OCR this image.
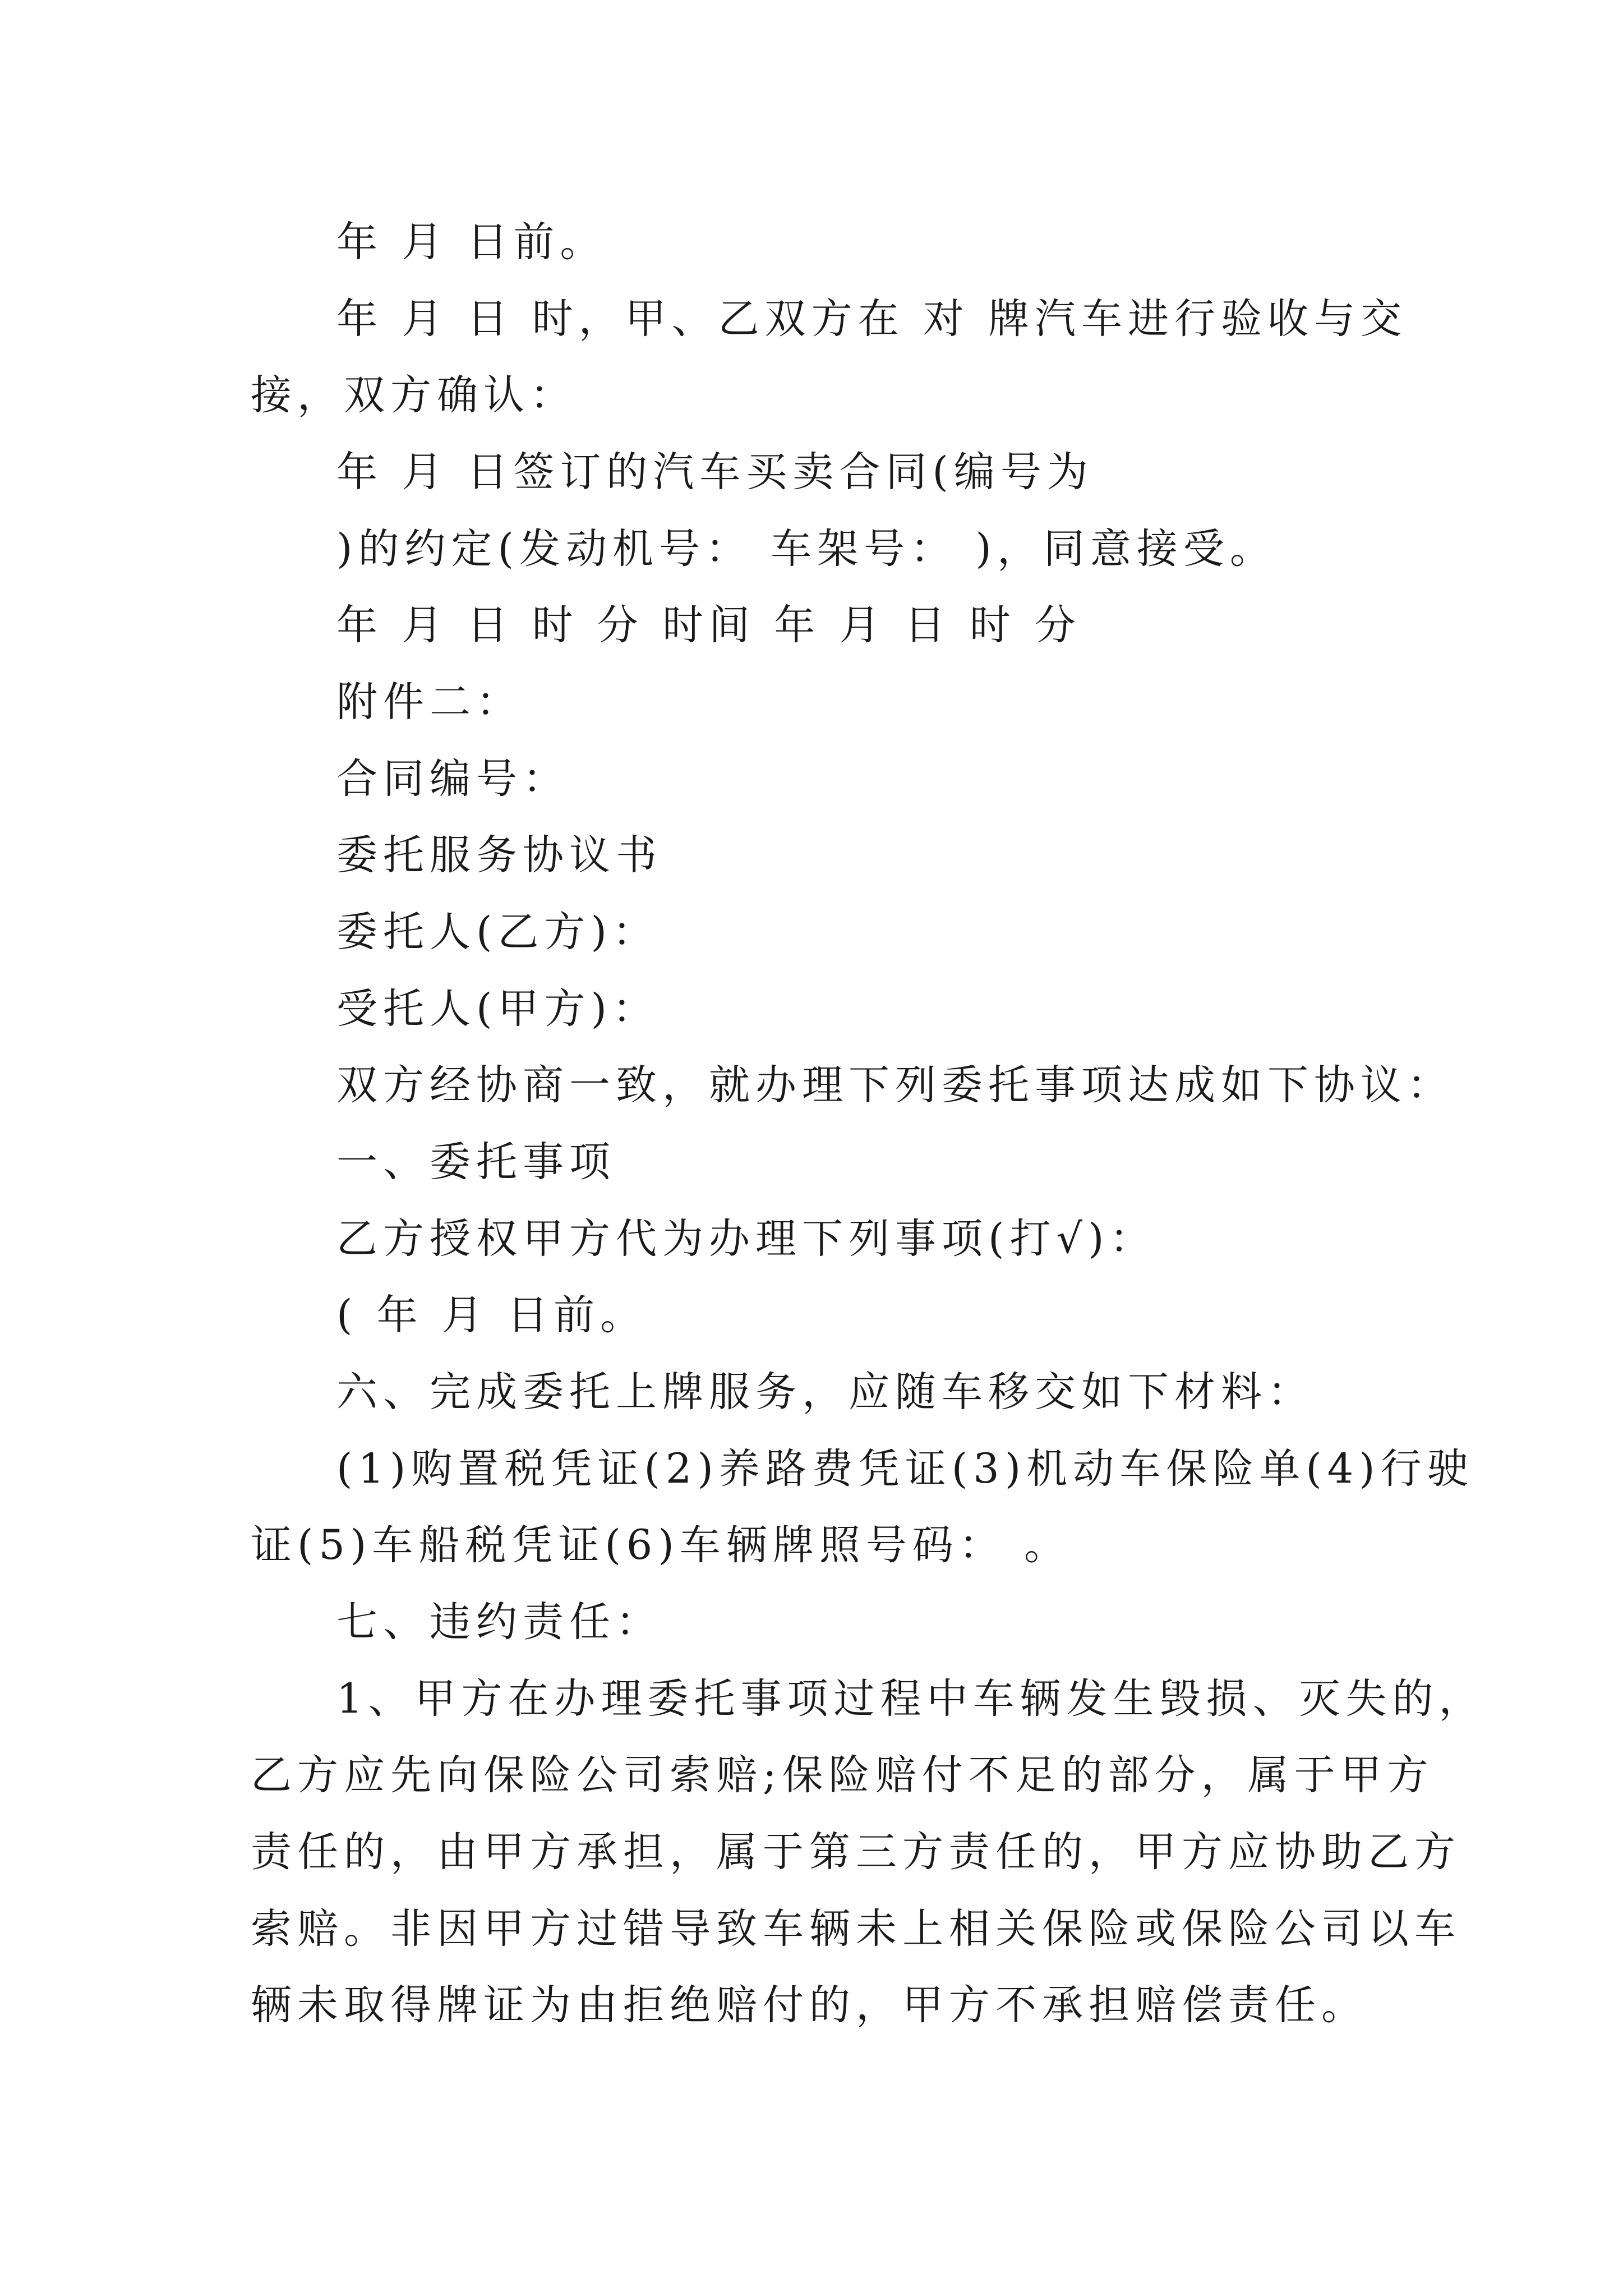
年 月 日前。
年 月 日 时，甲、乙双方在 对 牌汽车进行验收与交
接，双方确认：
年 月 日签订的汽车买卖合同(编号为
)的约定(发动机号： 车架号： )，同意接受。
年 月 日 时 分 时间 年 月 日 时 分
附件二：
合同编号：
委托服务协议书
委托人(乙方)：
受托人(甲方)：
双方经协商一致，就办理下列委托事项达成如下协议：
一、委托事项
乙方授权甲方代为办理下列事项(打√)：
( 年 月 日前。
六、完成委托上牌服务，应随车移交如下材料：
(1)购置税凭证(2)养路费凭证(3)机动车保险单(4)行驶
证(5)车船税凭证(6)车辆牌照号码： 。
七、违约责任：
1、甲方在办理委托事项过程中车辆发生毁损、灭失的，
乙方应先向保险公司索赔;保险赔付不足的部分，属于甲方
责任的，由甲方承担，属于第三方责任的，甲方应协助乙方
索赔。非因甲方过错导致车辆未上相关保险或保险公司以车
辆未取得牌证为由拒绝赔付的，甲方不承担赔偿责任。
